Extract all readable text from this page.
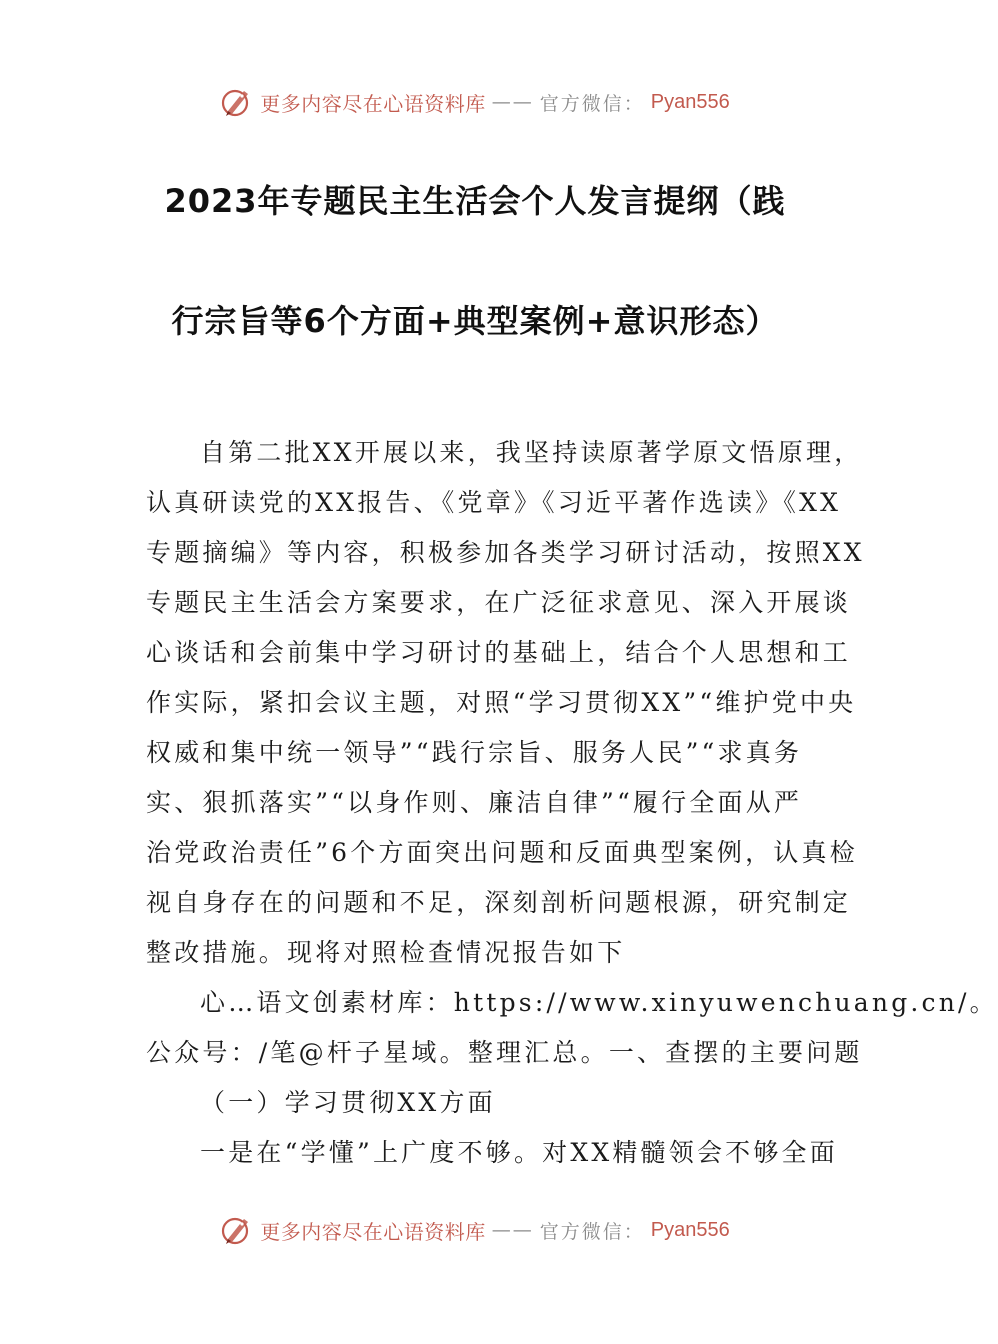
更多内容尽在心语资料库 —— 官方微信： Pyan556
2023年专题民主生活会个人发言提纲（践
行宗旨等6个方面+典型案例+意识形态）
自第二批XX开展以来，我坚持读原著学原文悟原理，
认真研读党的XX报告、《党章》《习近平著作选读》《XX
专题摘编》等内容，积极参加各类学习研讨活动，按照XX
专题民主生活会方案要求，在广泛征求意见、深入开展谈
心谈话和会前集中学习研讨的基础上，结合个人思想和工
作实际，紧扣会议主题，对照“学习贯彻XX”“维护党中央
权威和集中统一领导”“践行宗旨、服务人民”“求真务
实、狠抓落实”“以身作则、廉洁自律”“履行全面从严
治党政治责任”6个方面突出问题和反面典型案例，认真检
视自身存在的问题和不足，深刻剖析问题根源，研究制定
整改措施。现将对照检查情况报告如下
心…语文创素材库：https://www.xinyuwenchuang.cn/。
公众号：/笔@杆子星域。整理汇总。一、查摆的主要问题
（一）学习贯彻XX方面
一是在“学懂”上广度不够。对XX精髓领会不够全面
更多内容尽在心语资料库 —— 官方微信： Pyan556
